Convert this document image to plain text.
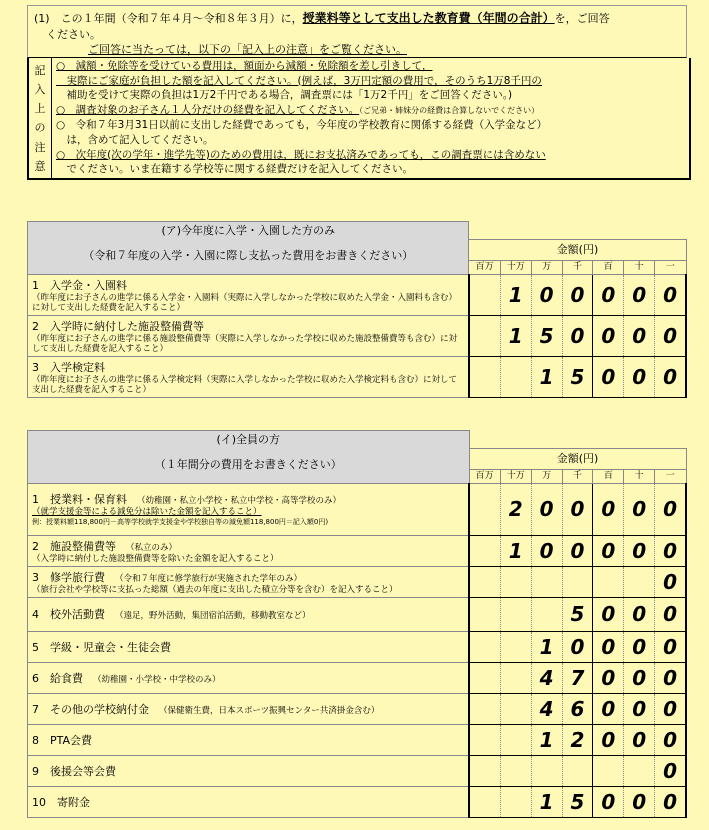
(1)　この１年間（令和７年４月～令和８年３月）に，授業料等として支出した教育費（年間の合計）を，ご回答
ください。
ご回答に当たっては，以下の「記入上の注意」をご覧ください。
記
入
上
の
注
意
○　減額・免除等を受けている費用は，額面から減額・免除額を差し引きして，
　実際にご家庭が負担した額を記入してください。(例えば，3万円定額の費用で，そのうち1万8千円の
　補助を受けて実際の負担は1万2千円である場合，調査票には「1万2千円」をご回答ください。)
○　調査対象のお子さん１人分だけの経費を記入してください。（ご兄弟・姉妹分の経費は合算しないでください）
○　令和７年3月31日以前に支出した経費であっても，今年度の学校教育に関係する経費（入学金など）
　は，含めて記入してください。
○　次年度(次の学年・進学先等)のための費用は，既にお支払済みであっても，この調査票には含めない
　でください。いま在籍する学校等に関する経費だけを記入してください。
(ア)今年度に入学・入園した方のみ							
（令和７年度の入学・入園に際し支払った費用をお書きください）	金額(円)						
	百万	十万	万	千	百	十	一
1　入学金・入園料
（昨年度にお子さんの進学に係る入学金・入園料（実際に入学しなかった学校に収めた入学金・入園料も含む）に対して支出した経費を記入すること）		1	0	0	0	0	0
2　入学時に納付した施設整備費等
（昨年度にお子さんの進学に係る施設整備費等（実際に入学しなかった学校に収めた施設整備費等も含む）に対して支出した経費を記入すること）		1	5	0	0	0	0
3　入学検定料
（昨年度にお子さんの進学に係る入学検定料（実際に入学しなかった学校に収めた入学検定料も含む）に対して支出した経費を記入すること）			1	5	0	0	0
(イ)全員の方							
（１年間分の費用をお書きください）	金額(円)						
	百万	十万	万	千	百	十	一
1　授業料・保育料 （幼稚園・私立小学校・私立中学校・高等学校のみ）
（就学支援金等による減免分は除いた金額を記入すること）
例：授業料額118,800円－高等学校就学支援金や学校独自等の減免額118,800円＝記入額0円)		2	0	0	0	0	0
2　施設整備費等 （私立のみ）
（入学時に納付した施設整備費等を除いた金額を記入すること）		1	0	0	0	0	0
3　修学旅行費 （令和７年度に修学旅行が実施された学年のみ）
（旅行会社や学校等に支払った総額（過去の年度に支出した積立分等を含む）を記入すること）							0
4　校外活動費 （遠足，野外活動，集団宿泊活動，移動教室など）				5	0	0	0
5　学級・児童会・生徒会費			1	0	0	0	0
6　給食費 （幼稚園・小学校・中学校のみ）			4	7	0	0	0
7　その他の学校納付金 （保健衛生費，日本スポーツ振興センター共済掛金含む）			4	6	0	0	0
8　PTA会費			1	2	0	0	0
9　後援会等会費							0
10　寄附金			1	5	0	0	0
